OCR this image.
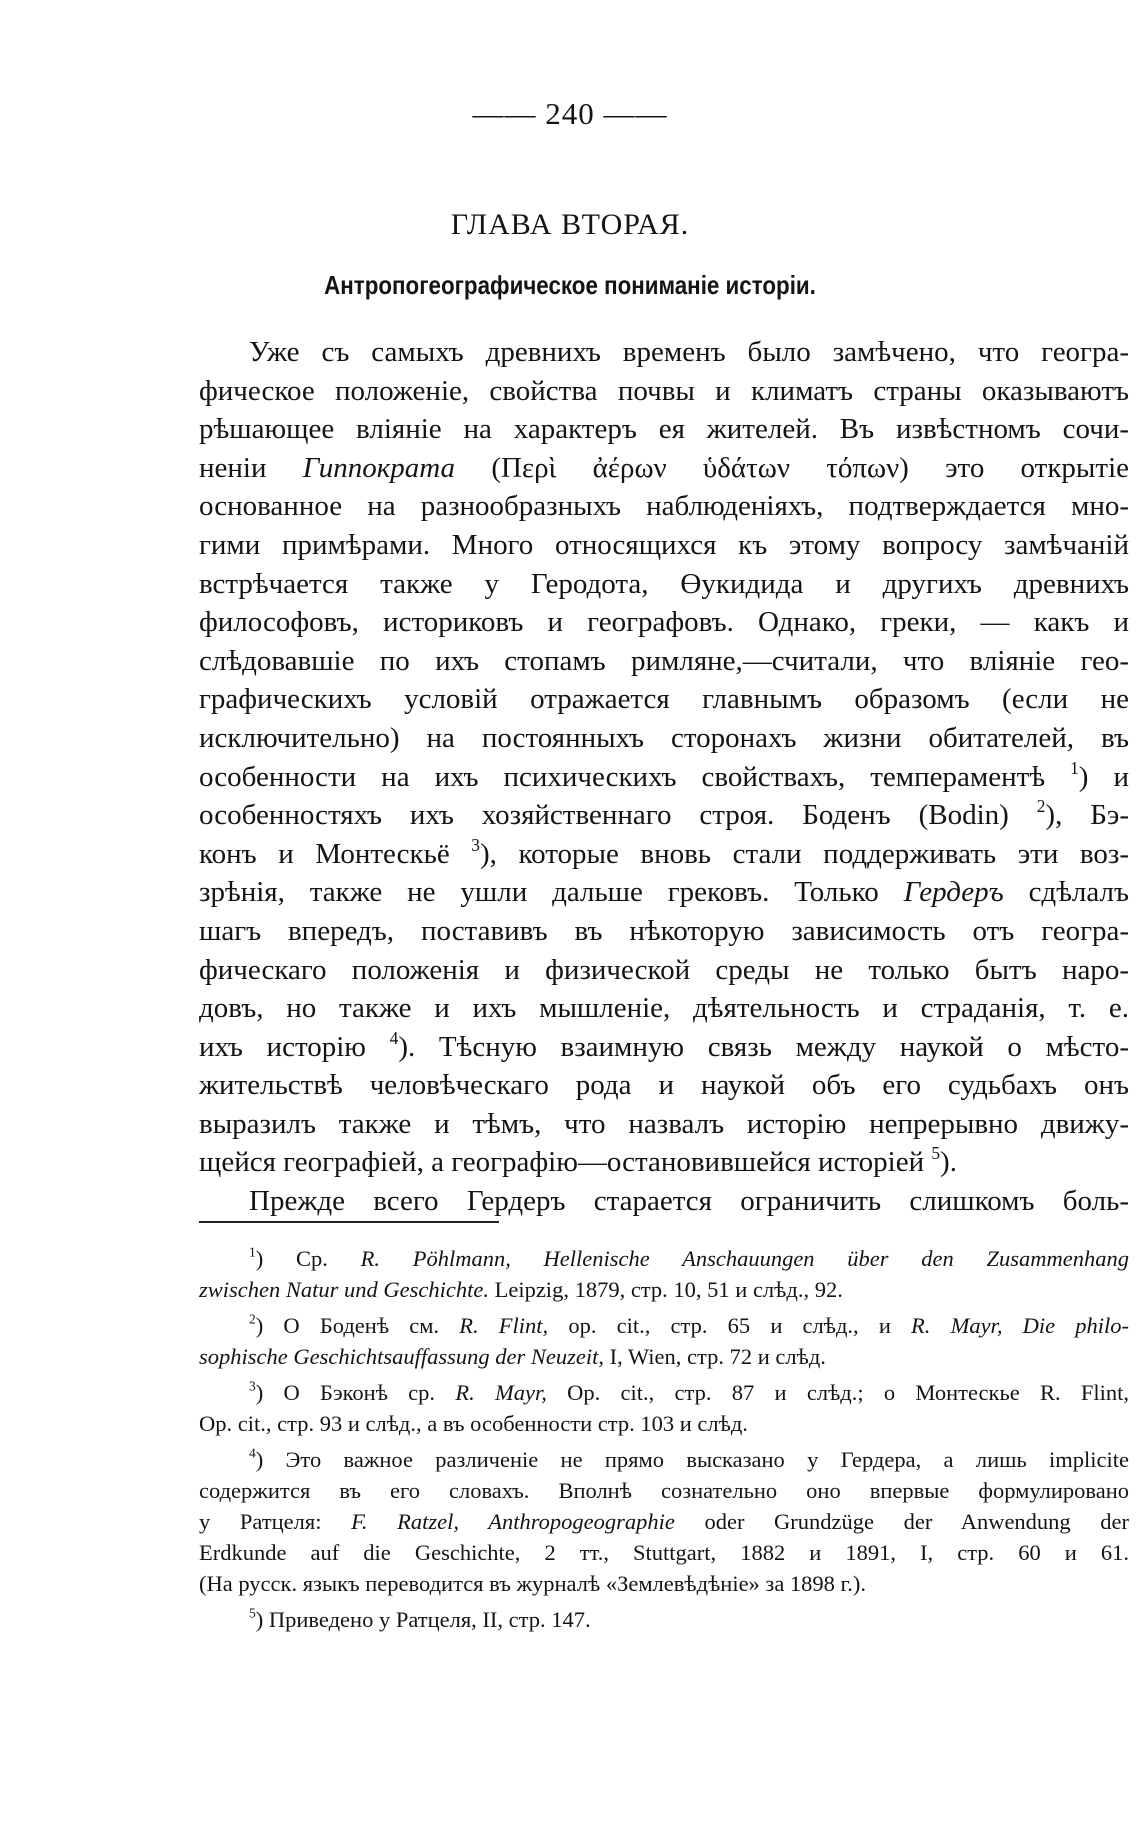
—— 240 ——
ГЛАВА ВТОРАЯ.
Антропогеографическое пониманіе исторіи.
Уже съ самыхъ древнихъ временъ было замѣчено, что геогра-
фическое положеніе, свойства почвы и климатъ страны оказываютъ
рѣшающее вліяніе на характеръ ея жителей. Въ извѣстномъ сочи-
неніи Гиппократа (Περὶ ἀέρων ὑδάτων τόπων) это открытіе
основанное на разнообразныхъ наблюденіяхъ, подтверждается мно-
гими примѣрами. Много относящихся къ этому вопросу замѣчаній
встрѣчается также у Геродота, Өукидида и другихъ древнихъ
философовъ, историковъ и географовъ. Однако, греки, — какъ и
слѣдовавшіе по ихъ стопамъ римляне,—считали, что вліяніе гео-
графическихъ условій отражается главнымъ образомъ (если не
исключительно) на постоянныхъ сторонахъ жизни обитателей, въ
особенности на ихъ психическихъ свойствахъ, темпераментѣ $^1$) и
особенностяхъ ихъ хозяйственнаго строя. Боденъ (Bodin) $^2$), Бэ-
конъ и Монтескьё $^3$), которые вновь стали поддерживать эти воз-
зрѣнія, также не ушли дальше грековъ. Только Гердеръ сдѣлалъ
шагъ впередъ, поставивъ въ нѣкоторую зависимость отъ геогра-
фическаго положенія и физической среды не только бытъ наро-
довъ, но также и ихъ мышленіе, дѣятельность и страданія, т. е.
ихъ исторію $^4$). Тѣсную взаимную связь между наукой о мѣсто-
жительствѣ человѣческаго рода и наукой объ его судьбахъ онъ
выразилъ также и тѣмъ, что назвалъ исторію непрерывно движу-
щейся географіей, а географію—остановившейся исторіей $^5$).
Прежде всего Гердеръ старается ограничить слишкомъ боль-
$^1$) Ср. R. Pöhlmann, Hellenische Anschauungen über den Zusammenhang
zwischen Natur und Geschichte. Leipzig, 1879, стр. 10, 51 и слѣд., 92.
$^2$) О Боденѣ см. R. Flint, op. cit., стр. 65 и слѣд., и R. Mayr, Die philo-
sophische Geschichtsauffassung der Neuzeit, I, Wien, стр. 72 и слѣд.
$^3$) О Бэконѣ ср. R. Mayr, Op. cit., стр. 87 и слѣд.; о Монтескье R. Flint,
Op. cit., стр. 93 и слѣд., а въ особенности стр. 103 и слѣд.
$^4$) Это важное различеніе не прямо высказано у Гердера, а лишь implicite
содержится въ его словахъ. Вполнѣ сознательно оно впервые формулировано
у Ратцеля: F. Ratzel, Anthropogeographie oder Grundzüge der Anwendung der
Erdkunde auf die Geschichte, 2 тт., Stuttgart, 1882 и 1891, I, стр. 60 и 61.
(На русск. языкъ переводится въ журналѣ «Землевѣдѣніе» за 1898 г.).
$^5$) Приведено у Ратцеля, II, стр. 147.
